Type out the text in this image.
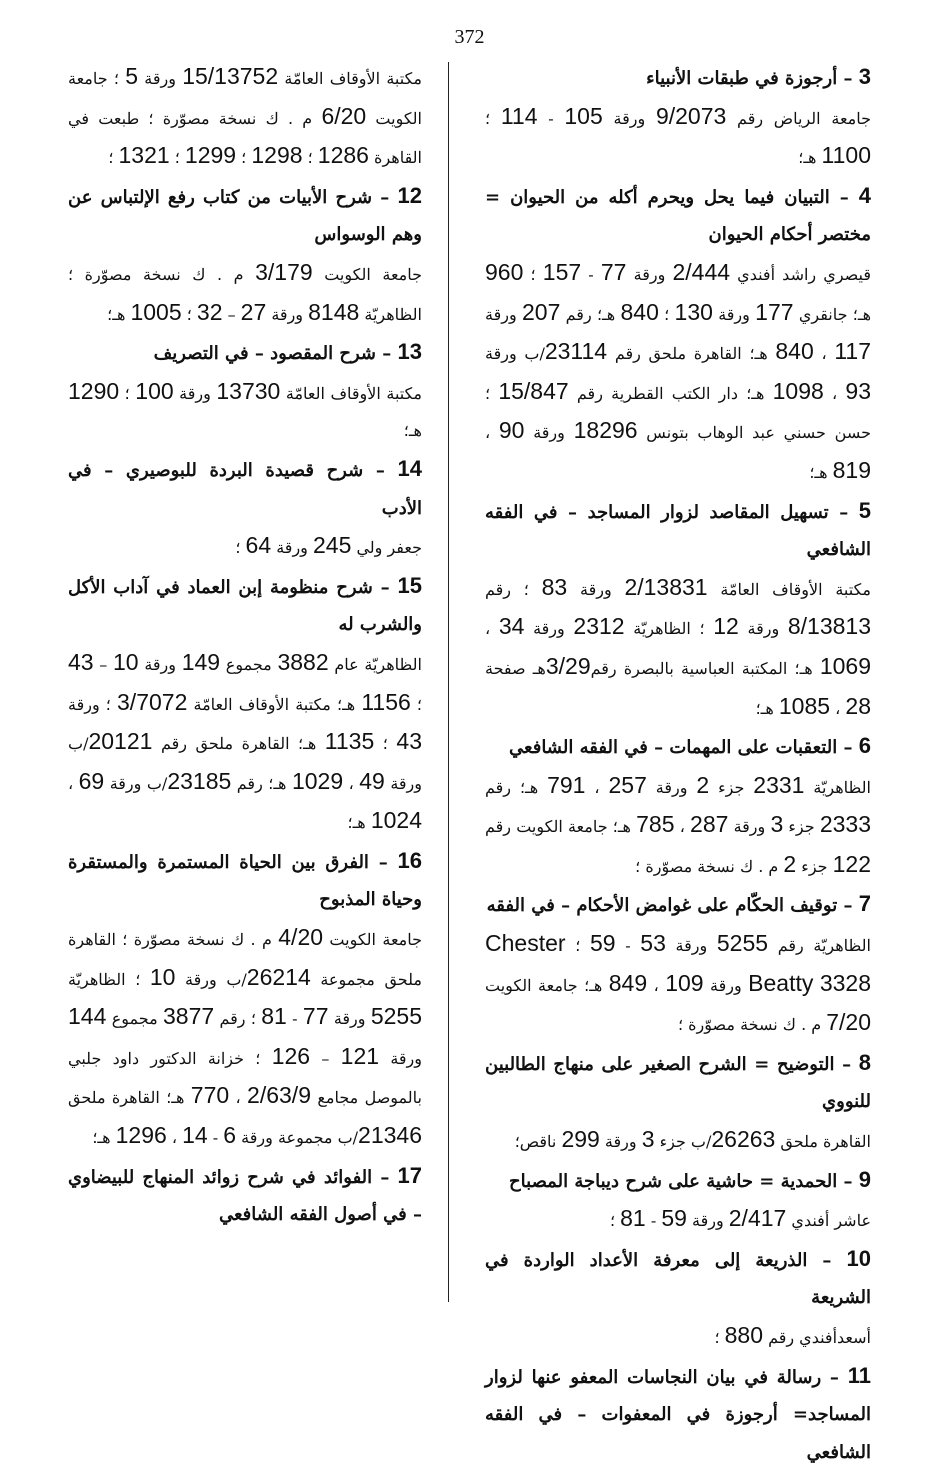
372
3 – أرجوزة في طبقات الأنبياء
جامعة الرياض رقم 9/2073 ورقة 105 - 114 ؛ 1100 هـ؛
4 – التبيان فيما يحل ويحرم أكله من الحيوان = مختصر أحكام الحيوان
قيصري راشد أفندي 2/444 ورقة 77 - 157 ؛ 960 هـ؛ جانقري 177 ورقة 130 ؛ 840 هـ؛ رقم 207 ورقة 117 ، 840 هـ؛ القاهرة ملحق رقم 23114/ب ورقة 93 ، 1098 هـ؛ دار الكتب القطرية رقم 15/847 ؛ حسن حسني عبد الوهاب بتونس 18296 ورقة 90 ، 819 هـ؛
5 – تسهيل المقاصد لزوار المساجد – في الفقه الشافعي
مكتبة الأوقاف العامّة 2/13831 ورقة 83 ؛ رقم 8/13813 ورقة 12 ؛ الظاهريّة 2312 ورقة 34 ، 1069 هـ؛ المكتبة العباسية بالبصرة رقم3/29هـ صفحة 28 ، 1085 هـ؛
6 – التعقبات على المهمات – في الفقه الشافعي
الظاهريّة 2331 جزء 2 ورقة 257 ، 791 هـ؛ رقم 2333 جزء 3 ورقة 287 ، 785 هـ؛ جامعة الكويت رقم 122 جزء 2 م . ك نسخة مصوّرة ؛
7 – توقيف الحكّام على غوامض الأحكام – في الفقه
الظاهريّة رقم 5255 ورقة 53 - 59 ؛ Chester Beatty 3328 ورقة 109 ، 849 هـ؛ جامعة الكويت 7/20 م . ك نسخة مصوّرة ؛
8 – التوضيح = الشرح الصغير على منهاج الطالبين للنووي
القاهرة ملحق 26263/ب جزء 3 ورقة 299 ناقص؛
9 – الحمدية = حاشية على شرح ديباجة المصباح
عاشر أفندي 2/417 ورقة 59 - 81 ؛
10 – الذريعة إلى معرفة الأعداد الواردة في الشريعة
أسعدأفندي رقم 880 ؛
11 – رسالة في بيان النجاسات المعفو عنها لزوار المساجد= أرجوزة في المعفوات – في الفقه الشافعي
مكتبة الأوقاف العامّة 15/13752 ورقة 5 ؛ جامعة الكويت 6/20 م . ك نسخة مصوّرة ؛ طبعت في القاهرة 1286 ؛ 1298 ؛ 1299 ؛ 1321 ؛
12 – شرح الأبيات من كتاب رفع الإلتباس عن وهم الوسواس
جامعة الكويت 3/179 م . ك نسخة مصوّرة ؛ الظاهريّة 8148 ورقة 27 – 32 ؛ 1005 هـ؛
13 – شرح المقصود – في التصريف
مكتبة الأوقاف العامّة 13730 ورقة 100 ؛ 1290 هـ؛
14 – شرح قصيدة البردة للبوصيري – في الأدب
جعفر ولي 245 ورقة 64 ؛
15 – شرح منظومة إبن العماد في آداب الأكل والشرب له
الظاهريّة عام 3882 مجموع 149 ورقة 10 – 43 ؛ 1156 هـ؛ مكتبة الأوقاف العامّة 3/7072 ؛ ورقة 43 ؛ 1135 هـ؛ القاهرة ملحق رقم 20121/ب ورقة 49 ، 1029 هـ؛ رقم 23185/ب ورقة 69 ، 1024 هـ؛
16 – الفرق بين الحياة المستمرة والمستقرة وحياة المذبوح
جامعة الكويت 4/20 م . ك نسخة مصوّرة ؛ القاهرة ملحق مجموعة 26214/ب ورقة 10 ؛ الظاهريّة 5255 ورقة 77 - 81 ؛ رقم 3877 مجموع 144 ورقة 121 – 126 ؛ خزانة الدكتور داود جلبي بالموصل مجامع 2/63/9 ، 770 هـ؛ القاهرة ملحق 21346/ب مجموعة ورقة 6 - 14 ، 1296 هـ؛
17 – الفوائد في شرح زوائد المنهاج للبيضاوي – في أصول الفقه الشافعي
